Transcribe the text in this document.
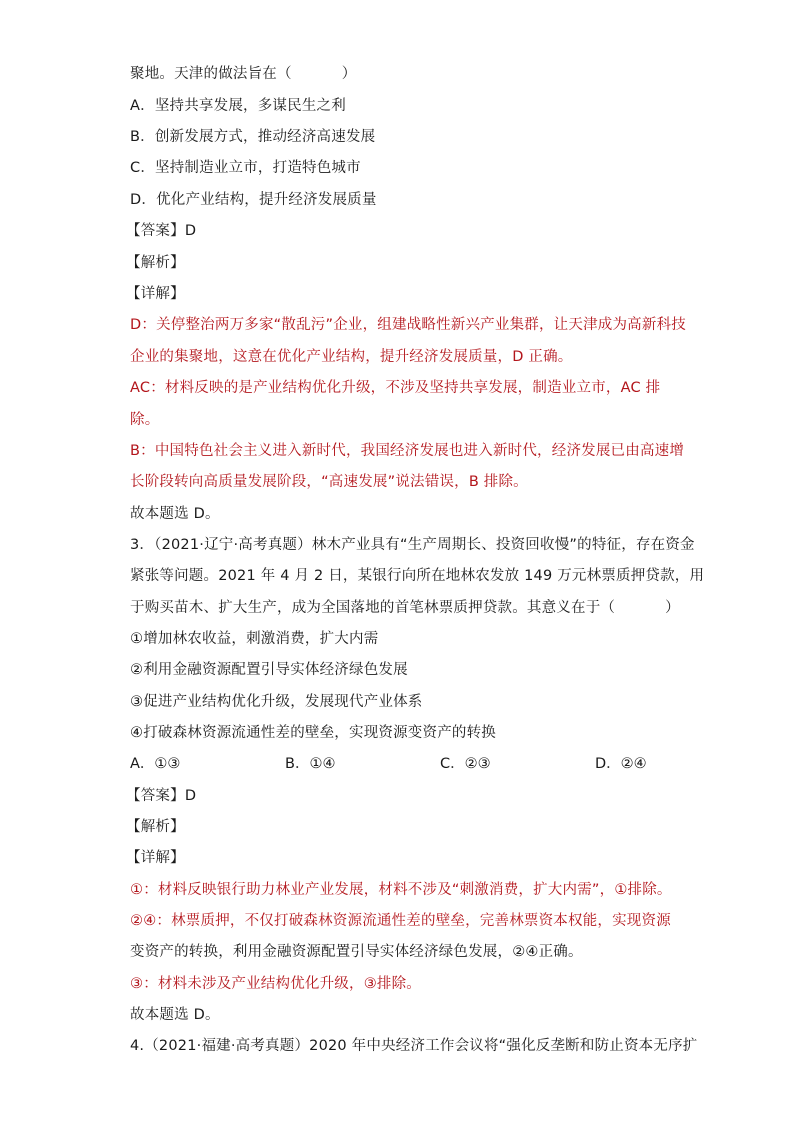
聚地。天津的做法旨在（	）
A．坚持共享发展，多谋民生之利
B．创新发展方式，推动经济高速发展
C．坚持制造业立市，打造特色城市
D．优化产业结构，提升经济发展质量
【答案】D
【解析】
【详解】
D：关停整治两万多家“散乱污”企业，组建战略性新兴产业集群，让天津成为高新科技
企业的集聚地，这意在优化产业结构，提升经济发展质量，D 正确。
AC：材料反映的是产业结构优化升级，不涉及坚持共享发展，制造业立市，AC 排
除。
B：中国特色社会主义进入新时代，我国经济发展也进入新时代，经济发展已由高速增
长阶段转向高质量发展阶段，“高速发展”说法错误，B 排除。
故本题选 D。
3．（2021·辽宁·高考真题）林木产业具有“生产周期长、投资回收慢”的特征，存在资金
紧张等问题。2021 年 4 月 2 日，某银行向所在地林农发放 149 万元林票质押贷款，用
于购买苗木、扩大生产，成为全国落地的首笔林票质押贷款。其意义在于（	）
①增加林农收益，刺激消费，扩大内需
②利用金融资源配置引导实体经济绿色发展
③促进产业结构优化升级，发展现代产业体系
④打破森林资源流通性差的壁垒，实现资源变资产的转换
A．①③	B．①④	C．②③	D．②④
【答案】D
【解析】
【详解】
①：材料反映银行助力林业产业发展，材料不涉及“刺激消费，扩大内需”，①排除。
②④：林票质押，不仅打破森林资源流通性差的壁垒，完善林票资本权能，实现资源
变资产的转换，利用金融资源配置引导实体经济绿色发展，②④正确。
③：材料未涉及产业结构优化升级，③排除。
故本题选 D。
4.（2021·福建·高考真题）2020 年中央经济工作会议将“强化反垄断和防止资本无序扩
